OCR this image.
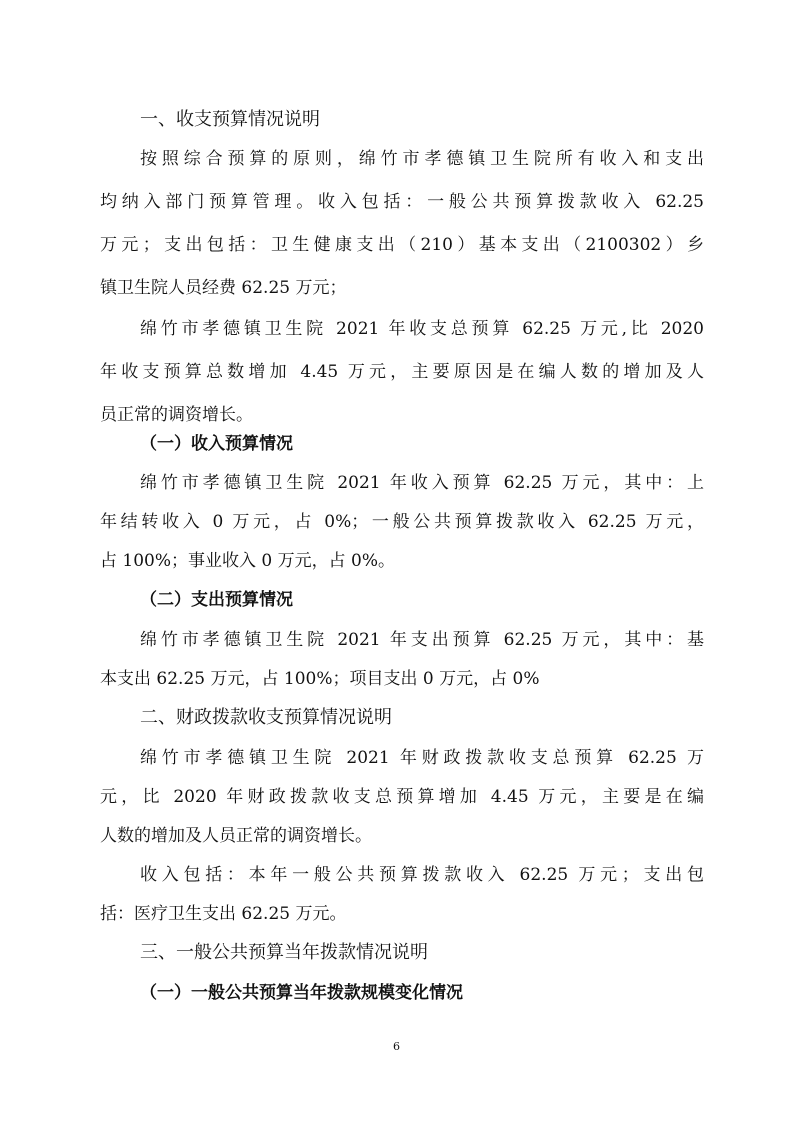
一、收支预算情况说明

按照综合预算的原则，绵竹市孝德镇卫生院所有收入和支出

均纳入部门预算管理。收入包括：一般公共预算拨款收入 62.25

万元；支出包括：卫生健康支出（210）基本支出（2100302）乡

镇卫生院人员经费 62.25 万元；

绵竹市孝德镇卫生院 2021 年收支总预算 62.25 万元,比 2020

年收支预算总数增加 4.45 万元，主要原因是在编人数的增加及人

员正常的调资增长。

（一）收入预算情况

绵竹市孝德镇卫生院 2021 年收入预算 62.25 万元，其中：上

年结转收入 0 万元，占 0%；一般公共预算拨款收入 62.25 万元，

占 100%；事业收入 0 万元，占 0%。

（二）支出预算情况

绵竹市孝德镇卫生院 2021 年支出预算 62.25 万元，其中：基

本支出 62.25 万元，占 100%；项目支出 0 万元，占 0%

二、财政拨款收支预算情况说明

绵竹市孝德镇卫生院 2021 年财政拨款收支总预算 62.25 万

元，比 2020 年财政拨款收支总预算增加 4.45 万元，主要是在编

人数的增加及人员正常的调资增长。

收入包括：本年一般公共预算拨款收入 62.25 万元；支出包

括：医疗卫生支出 62.25 万元。

三、一般公共预算当年拨款情况说明

（一）一般公共预算当年拨款规模变化情况

6
